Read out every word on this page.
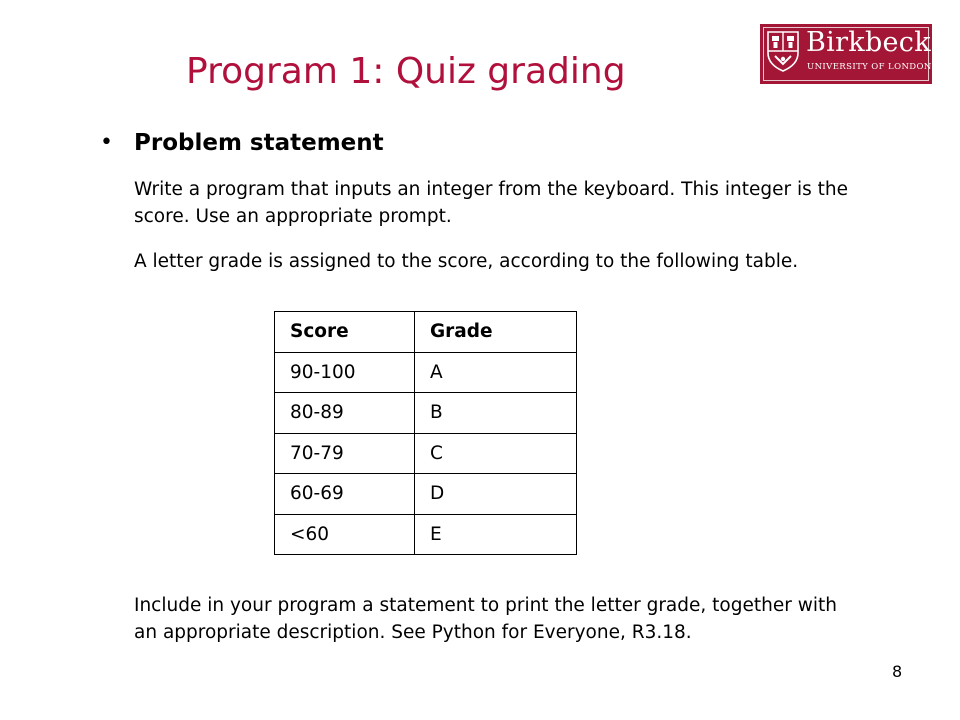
Program 1: Quiz grading
Birkbeck
UNIVERSITY OF LONDON
• Problem statement

Write a program that inputs an integer from the keyboard. This integer is the score. Use an appropriate prompt.

A letter grade is assigned to the score, according to the following table.

Score	Grade
90-100	A
80-89	B
70-79	C
60-69	D
<60	E

Include in your program a statement to print the letter grade, together with an appropriate description. See Python for Everyone, R3.18.

8
